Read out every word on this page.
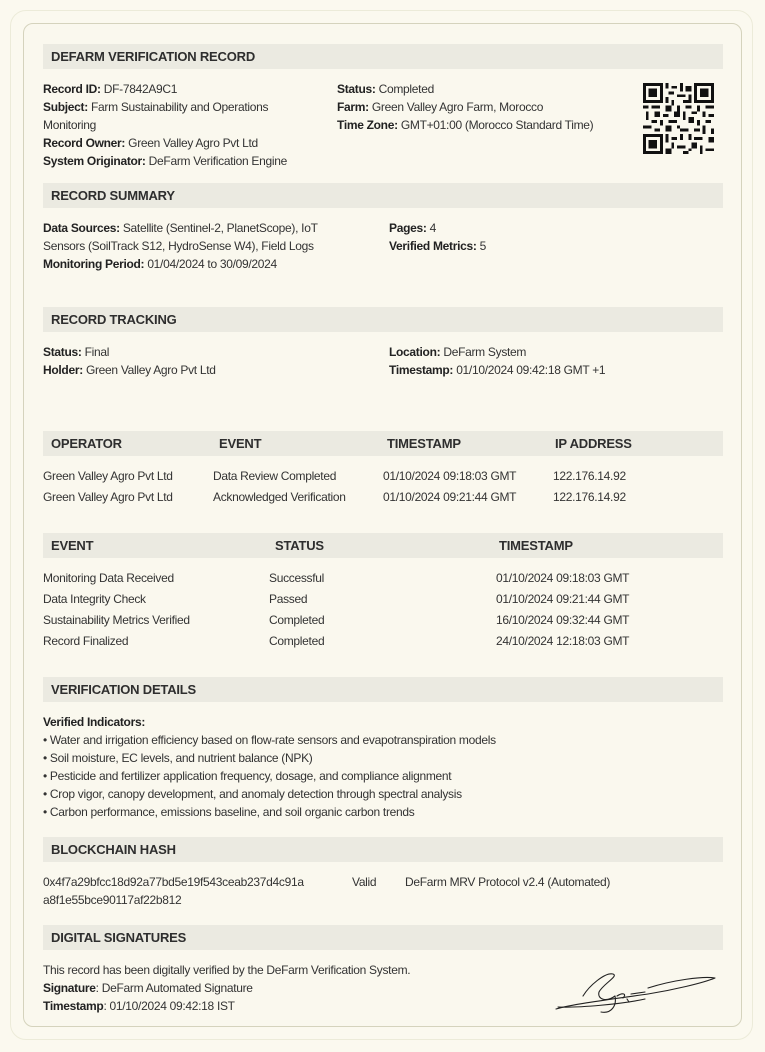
DEFARM VERIFICATION RECORD
Record ID: DF-7842A9C1
Subject: Farm Sustainability and Operations
Monitoring
Record Owner: Green Valley Agro Pvt Ltd
System Originator: DeFarm Verification Engine
Status: Completed
Farm: Green Valley Agro Farm, Morocco
Time Zone: GMT+01:00 (Morocco Standard Time)
RECORD SUMMARY
Data Sources: Satellite (Sentinel-2, PlanetScope), IoT
Sensors (SoilTrack S12, HydroSense W4), Field Logs
Monitoring Period: 01/04/2024 to 30/09/2024
Pages: 4
Verified Metrics: 5
RECORD TRACKING
Status: Final
Holder: Green Valley Agro Pvt Ltd
Location: DeFarm System
Timestamp: 01/10/2024 09:42:18 GMT +1
OPERATOR	EVENT	TIMESTAMP	IP ADDRESS
Green Valley Agro Pvt Ltd	Data Review Completed	01/10/2024 09:18:03 GMT	122.176.14.92
Green Valley Agro Pvt Ltd	Acknowledged Verification	01/10/2024 09:21:44 GMT	122.176.14.92
EVENT	STATUS	TIMESTAMP
Monitoring Data Received	Successful	01/10/2024 09:18:03 GMT
Data Integrity Check	Passed	01/10/2024 09:21:44 GMT
Sustainability Metrics Verified	Completed	16/10/2024 09:32:44 GMT
Record Finalized	Completed	24/10/2024 12:18:03 GMT
VERIFICATION DETAILS
Verified Indicators:
• Water and irrigation efficiency based on flow-rate sensors and evapotranspiration models
• Soil moisture, EC levels, and nutrient balance (NPK)
• Pesticide and fertilizer application frequency, dosage, and compliance alignment
• Crop vigor, canopy development, and anomaly detection through spectral analysis
• Carbon performance, emissions baseline, and soil organic carbon trends
BLOCKCHAIN HASH
0x4f7a29bfcc18d92a77bd5e19f543ceab237d4c91a
a8f1e55bce90117af22b812
Valid DeFarm MRV Protocol v2.4 (Automated)
DIGITAL SIGNATURES
This record has been digitally verified by the DeFarm Verification System.
Signature: DeFarm Automated Signature
Timestamp: 01/10/2024 09:42:18 IST
